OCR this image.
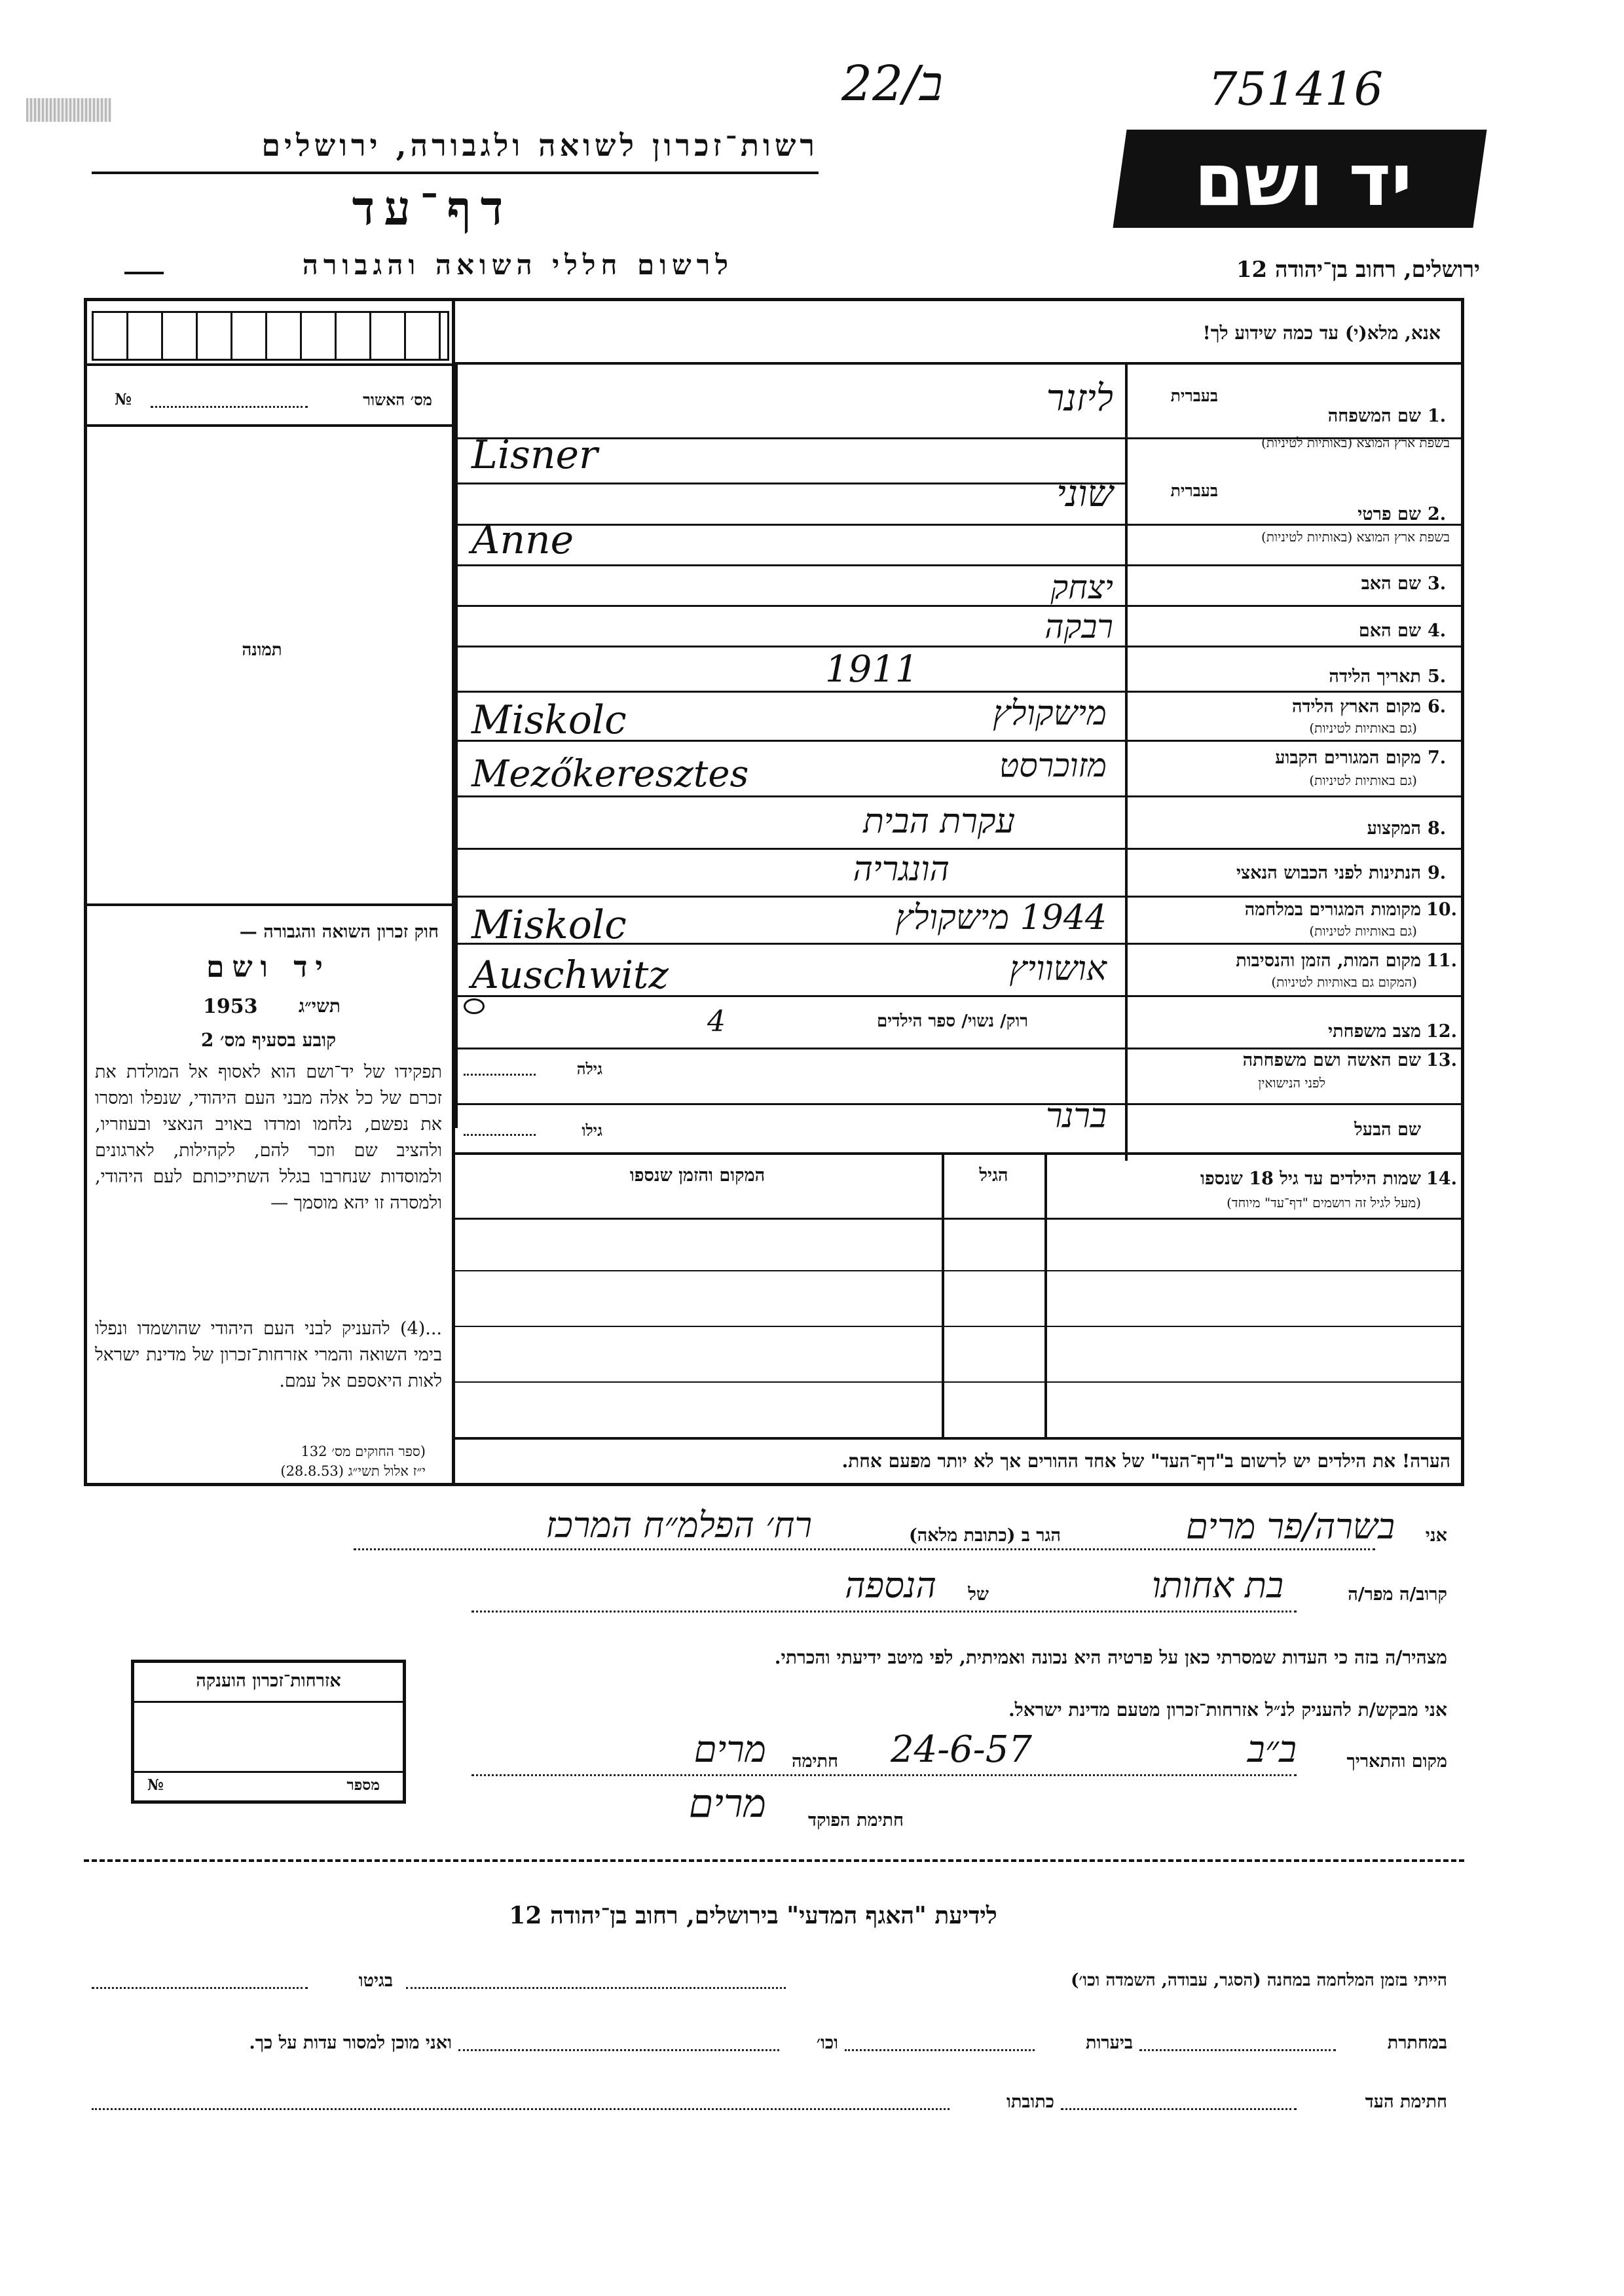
22/ב	751416
רשות־זכרון לשואה ולגבורה, ירושלים
דף־עד
לרשום חללי השואה והגבורה
יד ושם
ירושלים, רחוב בן־יהודה 12
אנא, מלא(י) עד כמה שידוע לך!
מס׳ האשור
№
תמונה
בעברית
שם המשפחה 1.
בשפת ארץ המוצא (באותיות לטיניות)
ליזנר
Lisner
בעברית
שם פרטי 2.
בשפת ארץ המוצא (באותיות לטיניות)
שוני
Anne
שם האב 3.
יצחק
שם האם 4.
רבקה
תאריך הלידה 5.
1911
מקום הארץ הלידה 6.
(גם באותיות לטיניות)
מישקולץ
Miskolc
מקום המגורים הקבוע 7.
(גם באותיות לטיניות)
מזוכרסט
Mezőkeresztes
המקצוע 8.
עקרת הבית
הנתינות לפני הכבוש הנאצי 9.
הונגריה
מקומות המגורים במלחמה 10.
(גם באותיות לטיניות)
1944 מישקולץ
Miskolc
מקום המות, הזמן והנסיבות 11.
(המקום גם באותיות לטיניות)
אושוויץ
Auschwitz
מצב משפחתי 12.
רוק/ נשוי/ ספר הילדים
4
שם האשה ושם משפחתה 13.
לפני הנישואין
גילה
שם הבעל
ברנר
גילו
שמות הילדים עד גיל 18 שנספו 14.
(מעל לגיל זה רושמים "דף־עד" מיוחד)
הגיל
המקום והזמן שנספו
הערה! את הילדים יש לרשום ב"דף־העד" של אחד ההורים אך לא יותר מפעם אחת.
חוק זכרון השואה והגבורה —
יד ושם
1953	תשי״ג
קובע בסעיף מס׳ 2
תפקידו של יד־ושם הוא לאסוף אל המולדת את זכרם של כל אלה מבני העם היהודי, שנפלו ומסרו את נפשם, נלחמו ומרדו באויב הנאצי ובעוזריו, ולהציב שם וזכר להם, לקהילות, לארגונים ולמוסדות שנחרבו בגלל השתייכותם לעם היהודי, ולמסרה זו יהא מוסמך —
...(4) להעניק לבני העם היהודי שהושמדו ונפלו בימי השואה והמרי אזרחות־זכרון של מדינת ישראל לאות היאספם אל עמם.
(ספר החוקים מס׳ 132
י״ז אלול תשי״ג (28.8.53)
אני
בשרה/פר מרים
הגר ב (כתובת מלאה)
רח׳ הפלמ״ח המרכז
קרוב/ה מפר/ה
בת אחותו
של
הנספה
מצהיר/ה בזה כי העדות שמסרתי כאן על פרטיה היא נכונה ואמיתית, לפי מיטב ידיעתי והכרתי.
אני מבקש/ת להעניק לנ״ל אזרחות־זכרון מטעם מדינת ישראל.
מקום והתאריך
ב״ב
24-6-57
חתימה
מרים
חתימת הפוקד
מרים
אזרחות־זכרון הוענקה
מספר
№
לידיעת "האגף המדעי" בירושלים, רחוב בן־יהודה 12
הייתי בזמן המלחמה במחנה (הסגר, עבודה, השמדה וכו׳)
בגיטו
במחתרת
ביערות
וכו׳
ואני מוכן למסור עדות על כך.
חתימת העד
כתובתו
